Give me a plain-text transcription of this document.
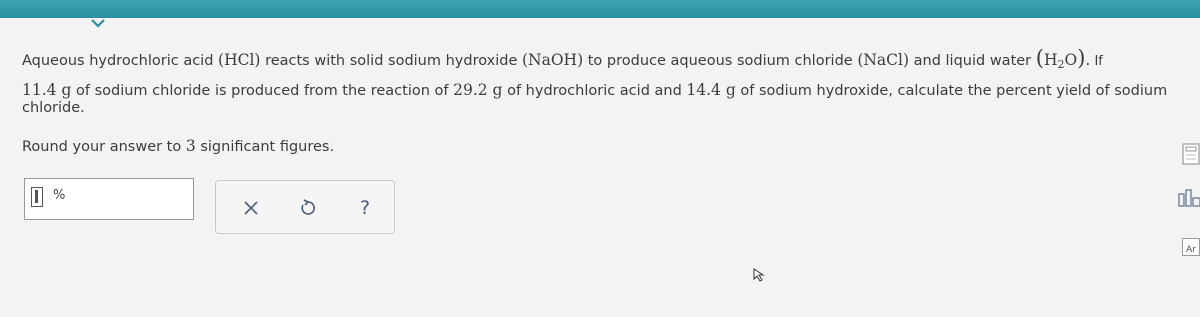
Aqueous hydrochloric acid (HCl) reacts with solid sodium hydroxide (NaOH) to produce aqueous sodium chloride (NaCl) and liquid water $(H_2O)$. If
11.4 g of sodium chloride is produced from the reaction of 29.2 g of hydrochloric acid and 14.4 g of sodium hydroxide, calculate the percent yield of sodium
chloride.
Round your answer to 3 significant figures.
%
?
Ar
